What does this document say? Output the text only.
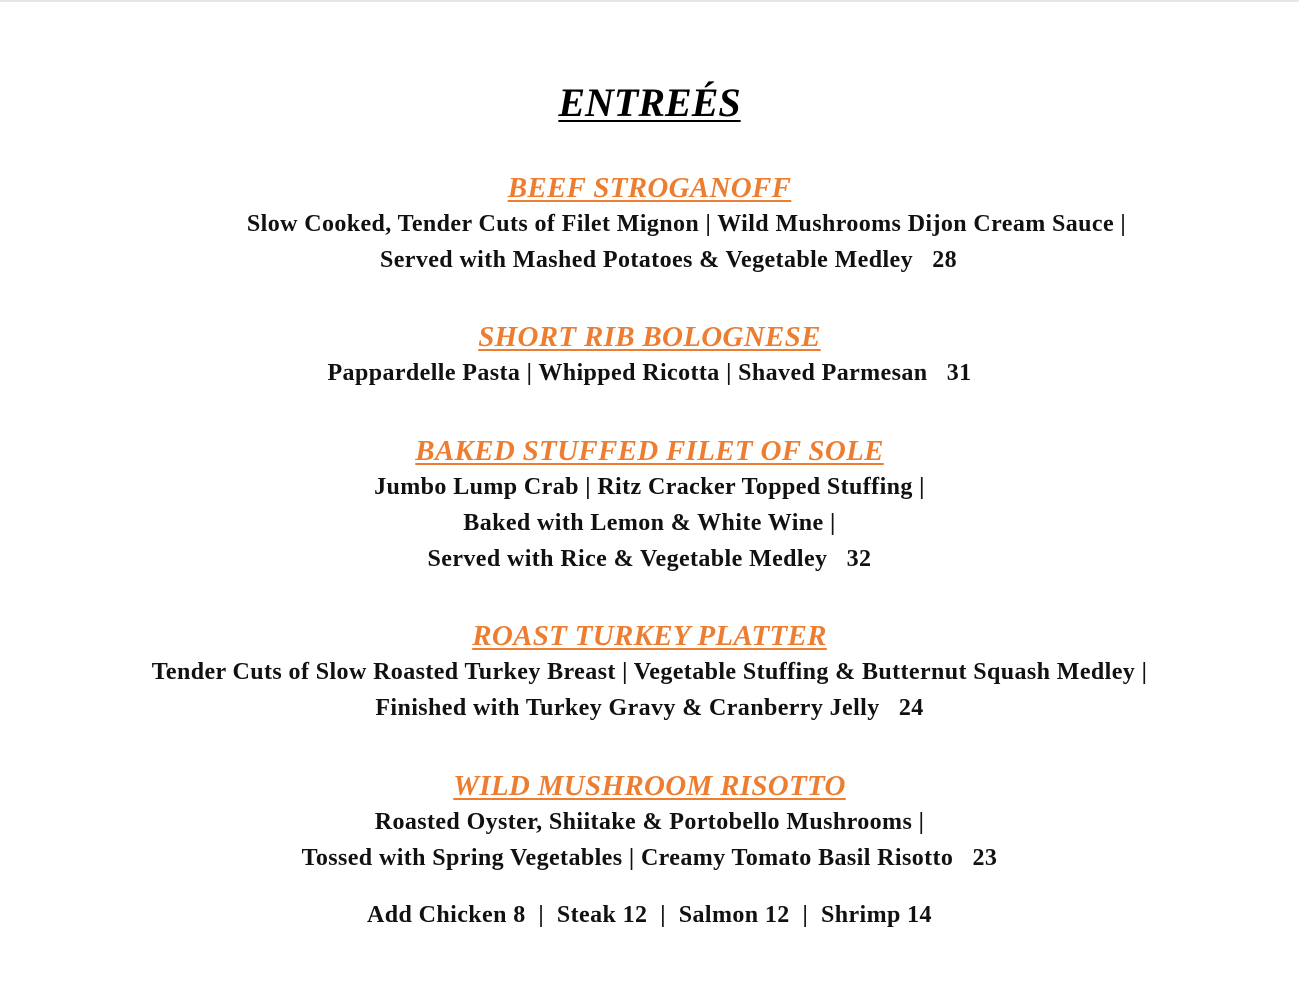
ENTREÉS

BEEF STROGANOFF

Slow Cooked, Tender Cuts of Filet Mignon | Wild Mushrooms Dijon Cream Sauce |

Served with Mashed Potatoes & Vegetable Medley   28

SHORT RIB BOLOGNESE

Pappardelle Pasta | Whipped Ricotta | Shaved Parmesan   31

BAKED STUFFED FILET OF SOLE

Jumbo Lump Crab | Ritz Cracker Topped Stuffing |

Baked with Lemon & White Wine |

Served with Rice & Vegetable Medley   32

ROAST TURKEY PLATTER

Tender Cuts of Slow Roasted Turkey Breast | Vegetable Stuffing & Butternut Squash Medley |

Finished with Turkey Gravy & Cranberry Jelly   24

WILD MUSHROOM RISOTTO

Roasted Oyster, Shiitake & Portobello Mushrooms |

Tossed with Spring Vegetables | Creamy Tomato Basil Risotto   23

Add Chicken 8  |  Steak 12  |  Salmon 12  |  Shrimp 14
